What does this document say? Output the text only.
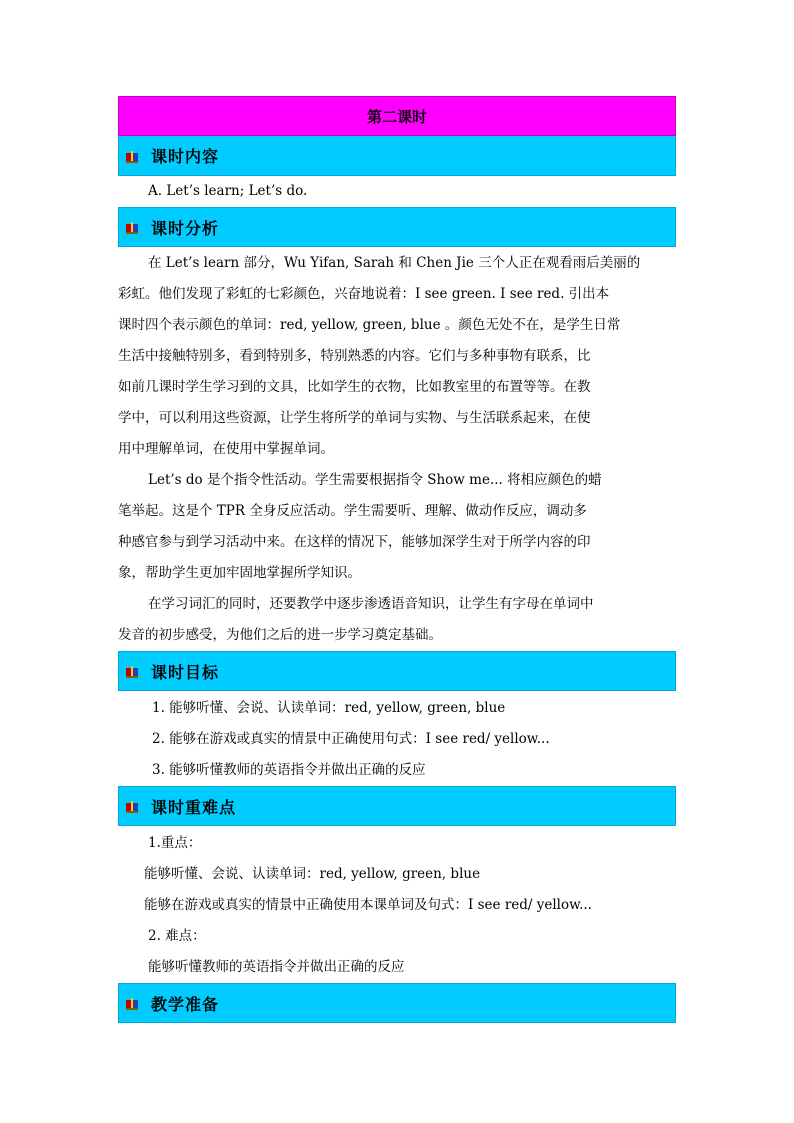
第二课时
课时内容
A. Let’s learn; Let’s do.
课时分析
在 Let’s learn 部分，Wu Yifan, Sarah 和 Chen Jie 三个人正在观看雨后美丽的
彩虹。他们发现了彩虹的七彩颜色，兴奋地说着：I see green. I see red. 引出本
课时四个表示颜色的单词：red, yellow, green, blue 。颜色无处不在，是学生日常
生活中接触特别多，看到特别多，特别熟悉的内容。它们与多种事物有联系，比
如前几课时学生学习到的文具，比如学生的衣物，比如教室里的布置等等。在教
学中，可以利用这些资源，让学生将所学的单词与实物、与生活联系起来，在使
用中理解单词，在使用中掌握单词。
Let’s do 是个指令性活动。学生需要根据指令 Show me... 将相应颜色的蜡
笔举起。这是个 TPR 全身反应活动。学生需要听、理解、做动作反应，调动多
种感官参与到学习活动中来。在这样的情况下，能够加深学生对于所学内容的印
象，帮助学生更加牢固地掌握所学知识。
在学习词汇的同时，还要教学中逐步渗透语音知识，让学生有字母在单词中
发音的初步感受，为他们之后的进一步学习奠定基础。
课时目标
1. 能够听懂、会说、认读单词：red, yellow, green, blue
2. 能够在游戏或真实的情景中正确使用句式：I see red/ yellow...
3. 能够听懂教师的英语指令并做出正确的反应
课时重难点
1.重点：
能够听懂、会说、认读单词：red, yellow, green, blue
能够在游戏或真实的情景中正确使用本课单词及句式：I see red/ yellow...
2. 难点：
能够听懂教师的英语指令并做出正确的反应
教学准备
